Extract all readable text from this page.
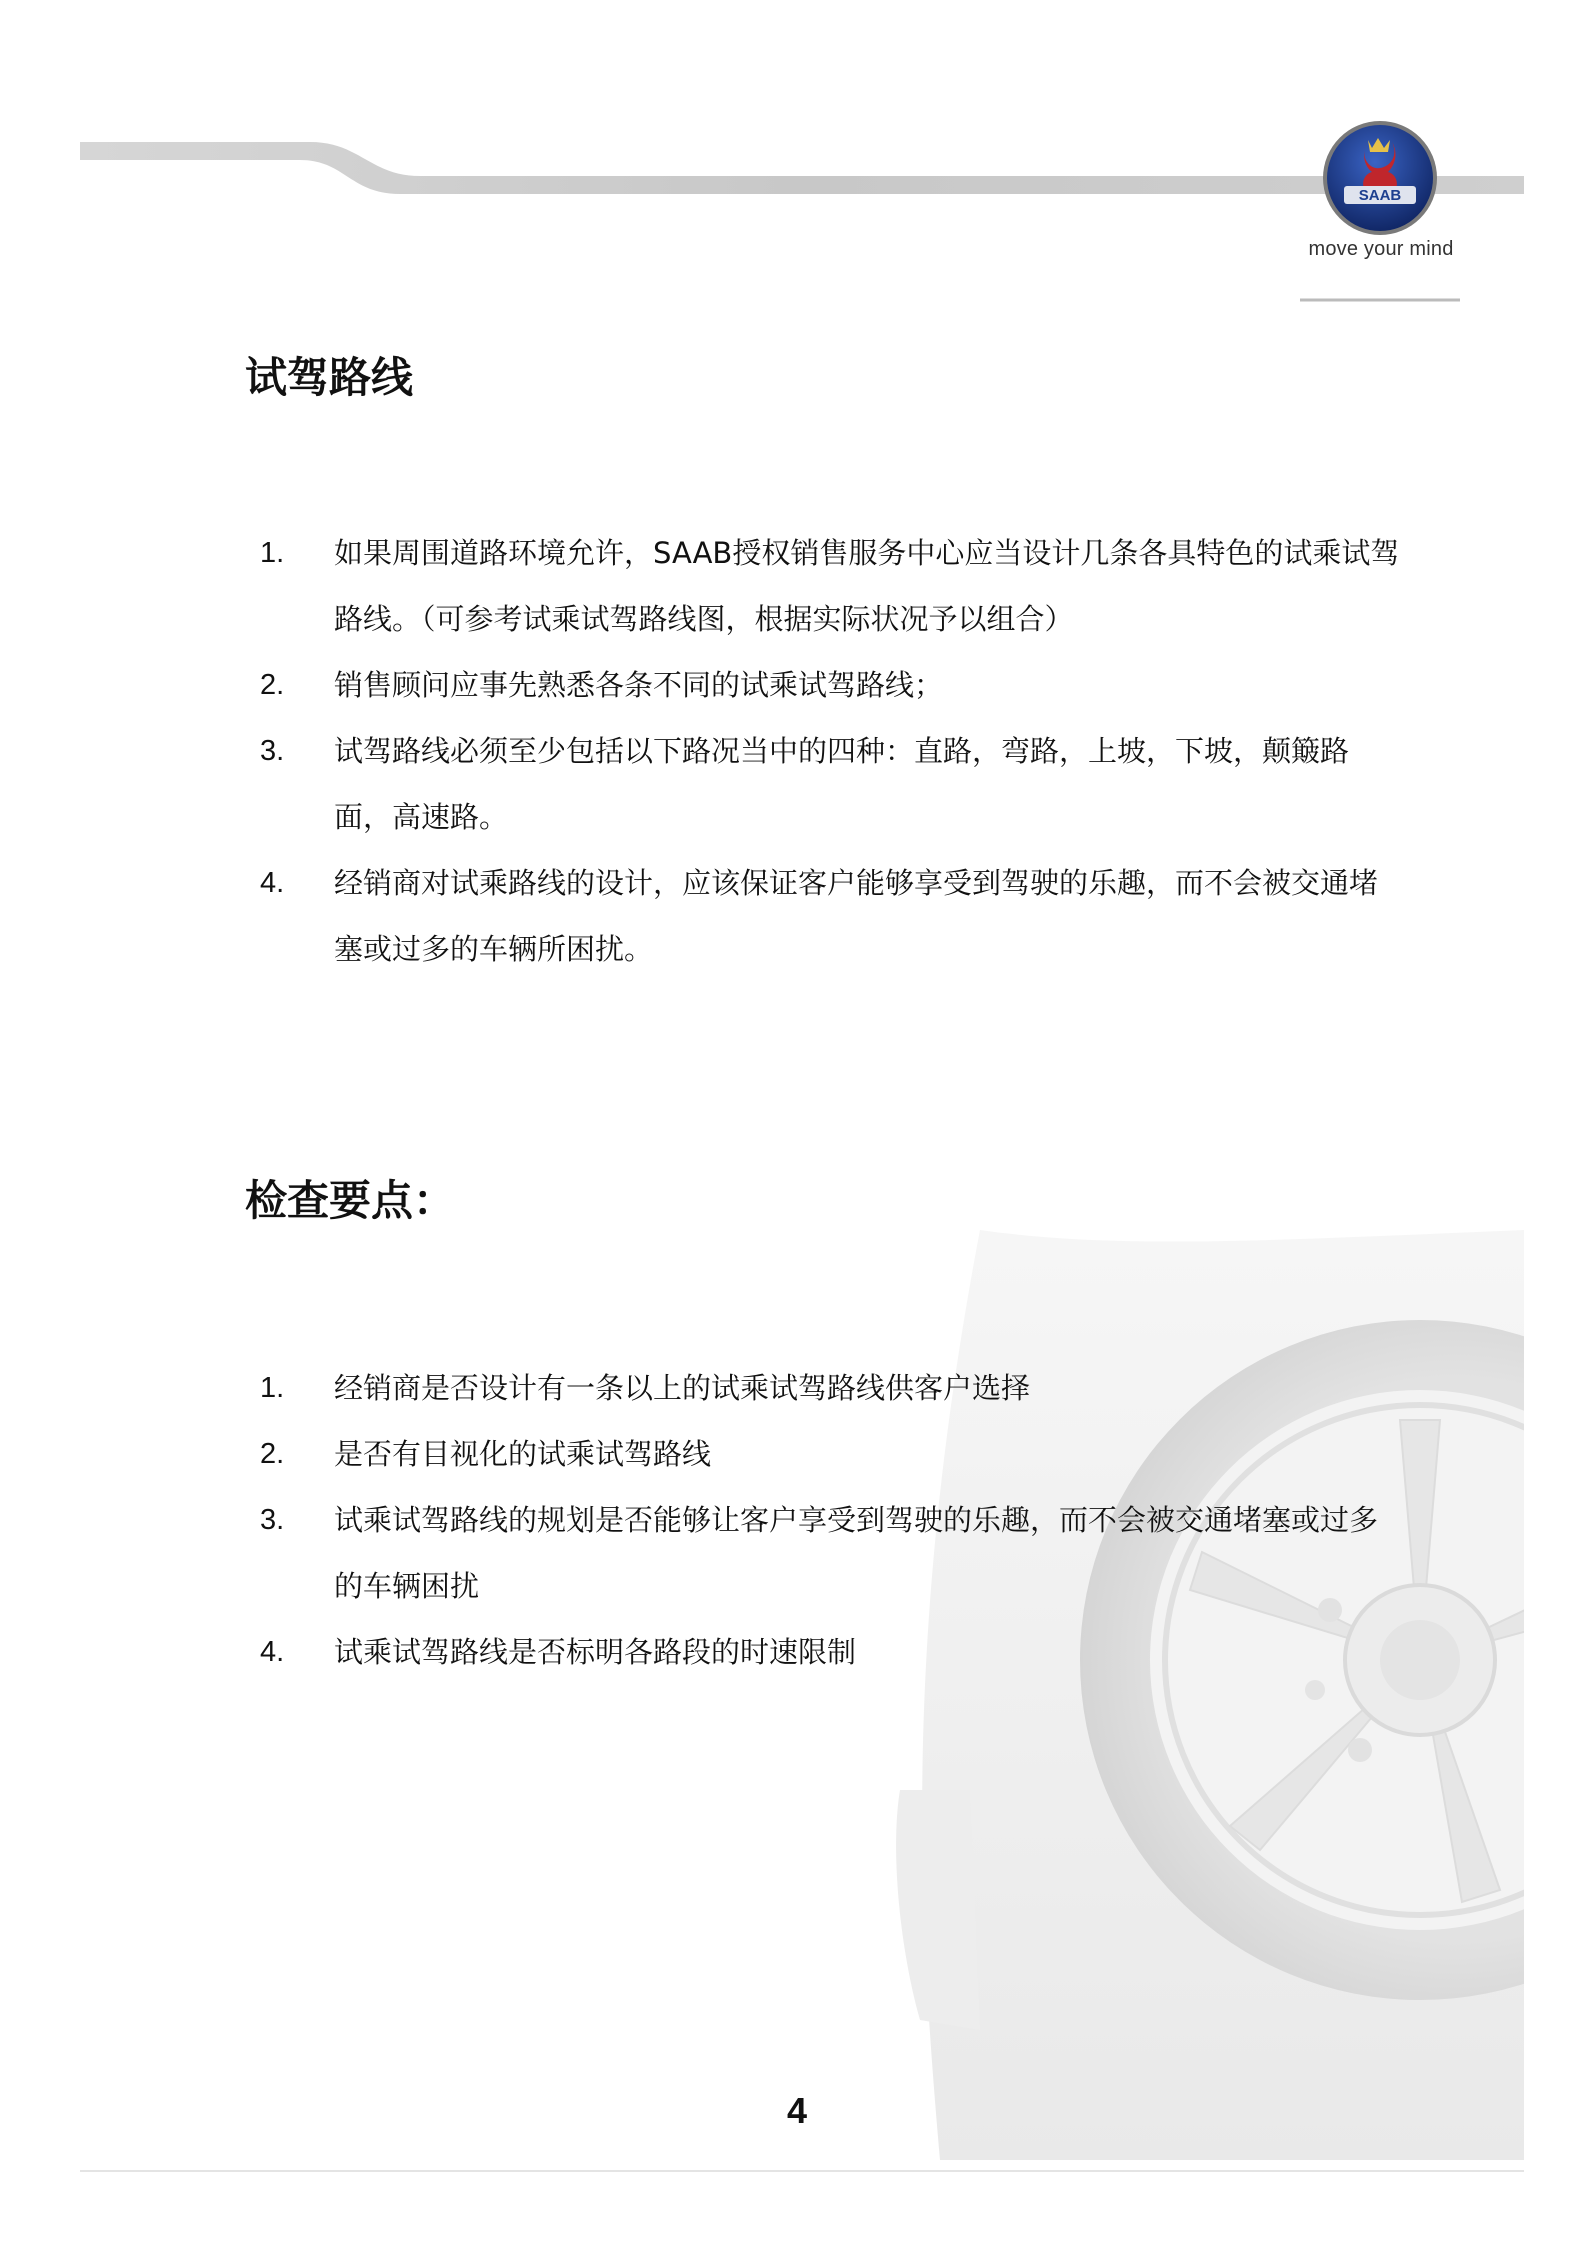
SAAB
move your mind
试驾路线
1. 如果周围道路环境允许，SAAB授权销售服务中心应当设计几条各具特色的试乘试驾路线。（可参考试乘试驾路线图，根据实际状况予以组合）
2. 销售顾问应事先熟悉各条不同的试乘试驾路线；
3. 试驾路线必须至少包括以下路况当中的四种：直路，弯路，上坡，下坡，颠簸路面，高速路。
4. 经销商对试乘路线的设计，应该保证客户能够享受到驾驶的乐趣，而不会被交通堵塞或过多的车辆所困扰。
检查要点：
1. 经销商是否设计有一条以上的试乘试驾路线供客户选择
2. 是否有目视化的试乘试驾路线
3. 试乘试驾路线的规划是否能够让客户享受到驾驶的乐趣，而不会被交通堵塞或过多的车辆困扰
4. 试乘试驾路线是否标明各路段的时速限制
4
